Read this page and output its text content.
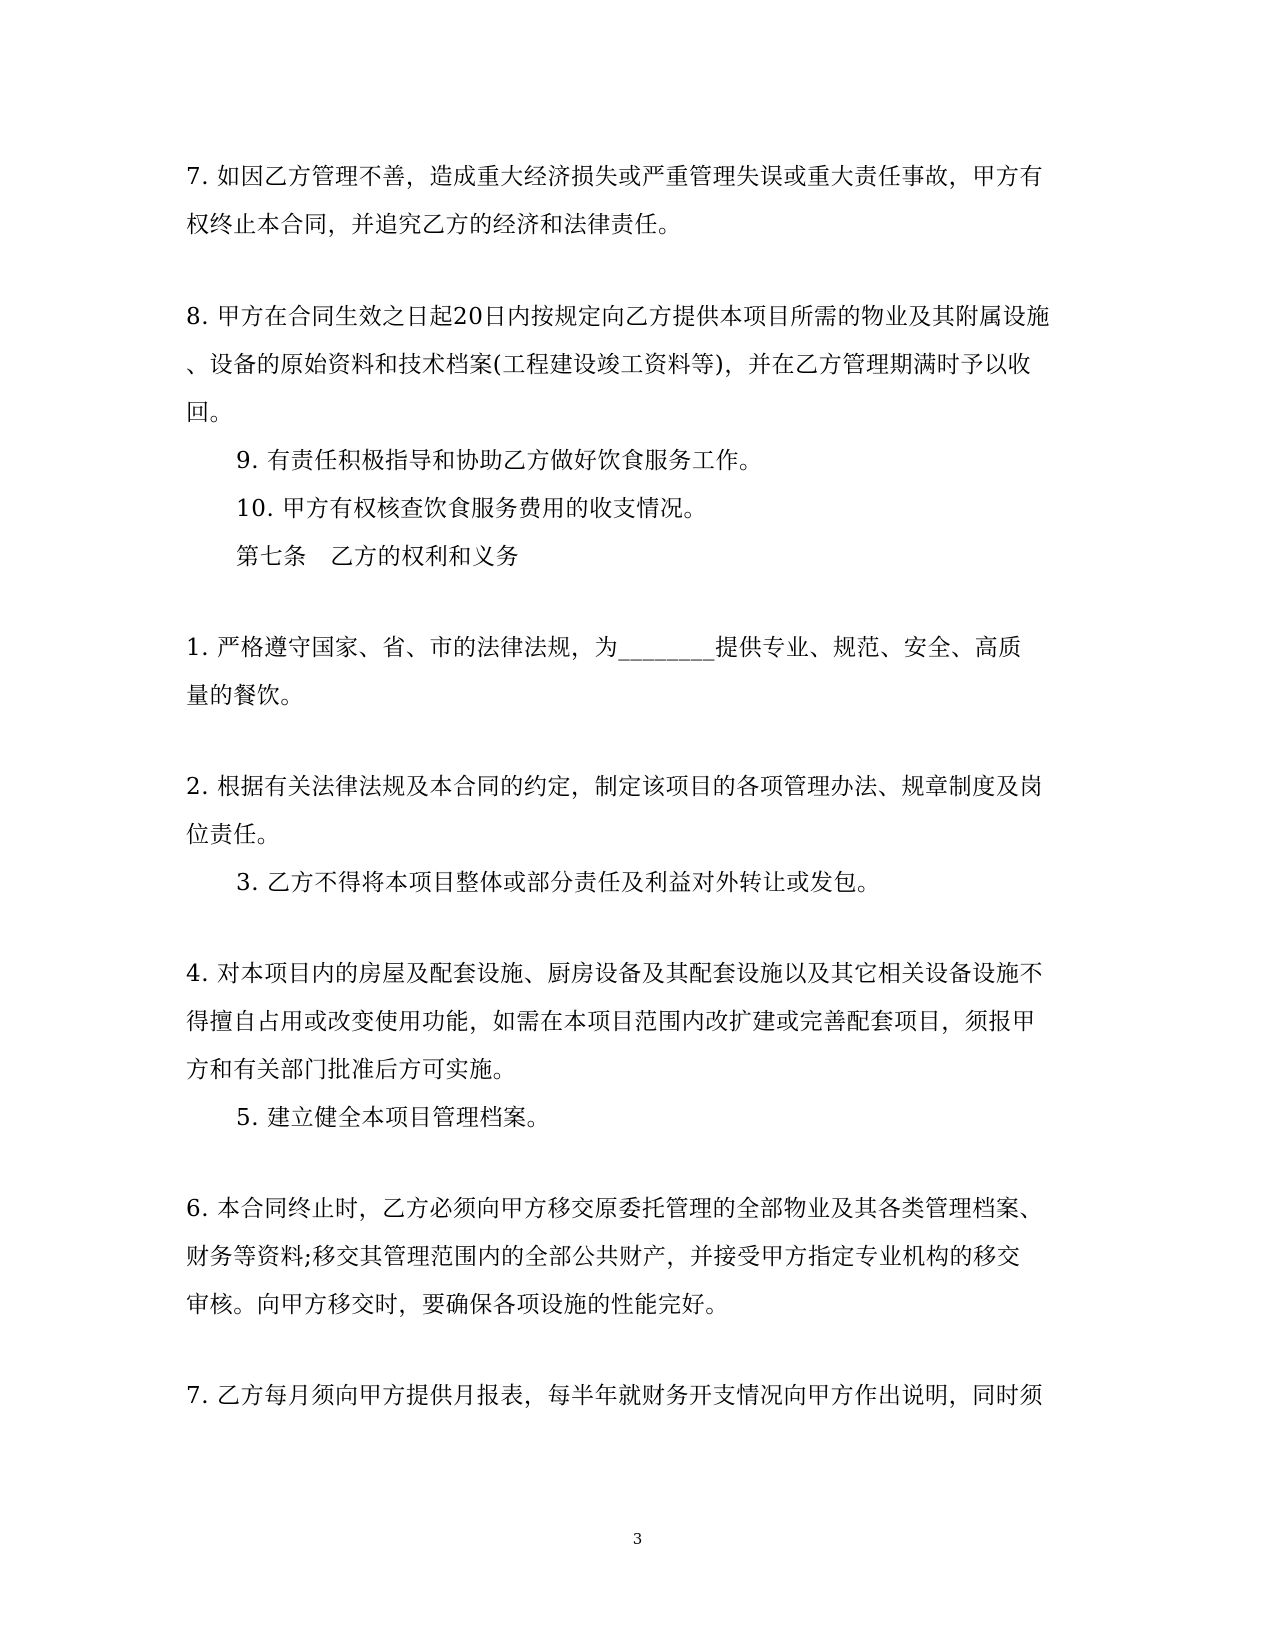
7. 如因乙方管理不善，造成重大经济损失或严重管理失误或重大责任事故，甲方有
权终止本合同，并追究乙方的经济和法律责任。
8. 甲方在合同生效之日起20日内按规定向乙方提供本项目所需的物业及其附属设施
、设备的原始资料和技术档案(工程建设竣工资料等)，并在乙方管理期满时予以收
回。
9. 有责任积极指导和协助乙方做好饮食服务工作。
10. 甲方有权核查饮食服务费用的收支情况。
第七条　乙方的权利和义务
1. 严格遵守国家、省、市的法律法规，为________提供专业、规范、安全、高质
量的餐饮。
2. 根据有关法律法规及本合同的约定，制定该项目的各项管理办法、规章制度及岗
位责任。
3. 乙方不得将本项目整体或部分责任及利益对外转让或发包。
4. 对本项目内的房屋及配套设施、厨房设备及其配套设施以及其它相关设备设施不
得擅自占用或改变使用功能，如需在本项目范围内改扩建或完善配套项目，须报甲
方和有关部门批准后方可实施。
5. 建立健全本项目管理档案。
6. 本合同终止时，乙方必须向甲方移交原委托管理的全部物业及其各类管理档案、
财务等资料;移交其管理范围内的全部公共财产，并接受甲方指定专业机构的移交
审核。向甲方移交时，要确保各项设施的性能完好。
7. 乙方每月须向甲方提供月报表，每半年就财务开支情况向甲方作出说明，同时须
3
